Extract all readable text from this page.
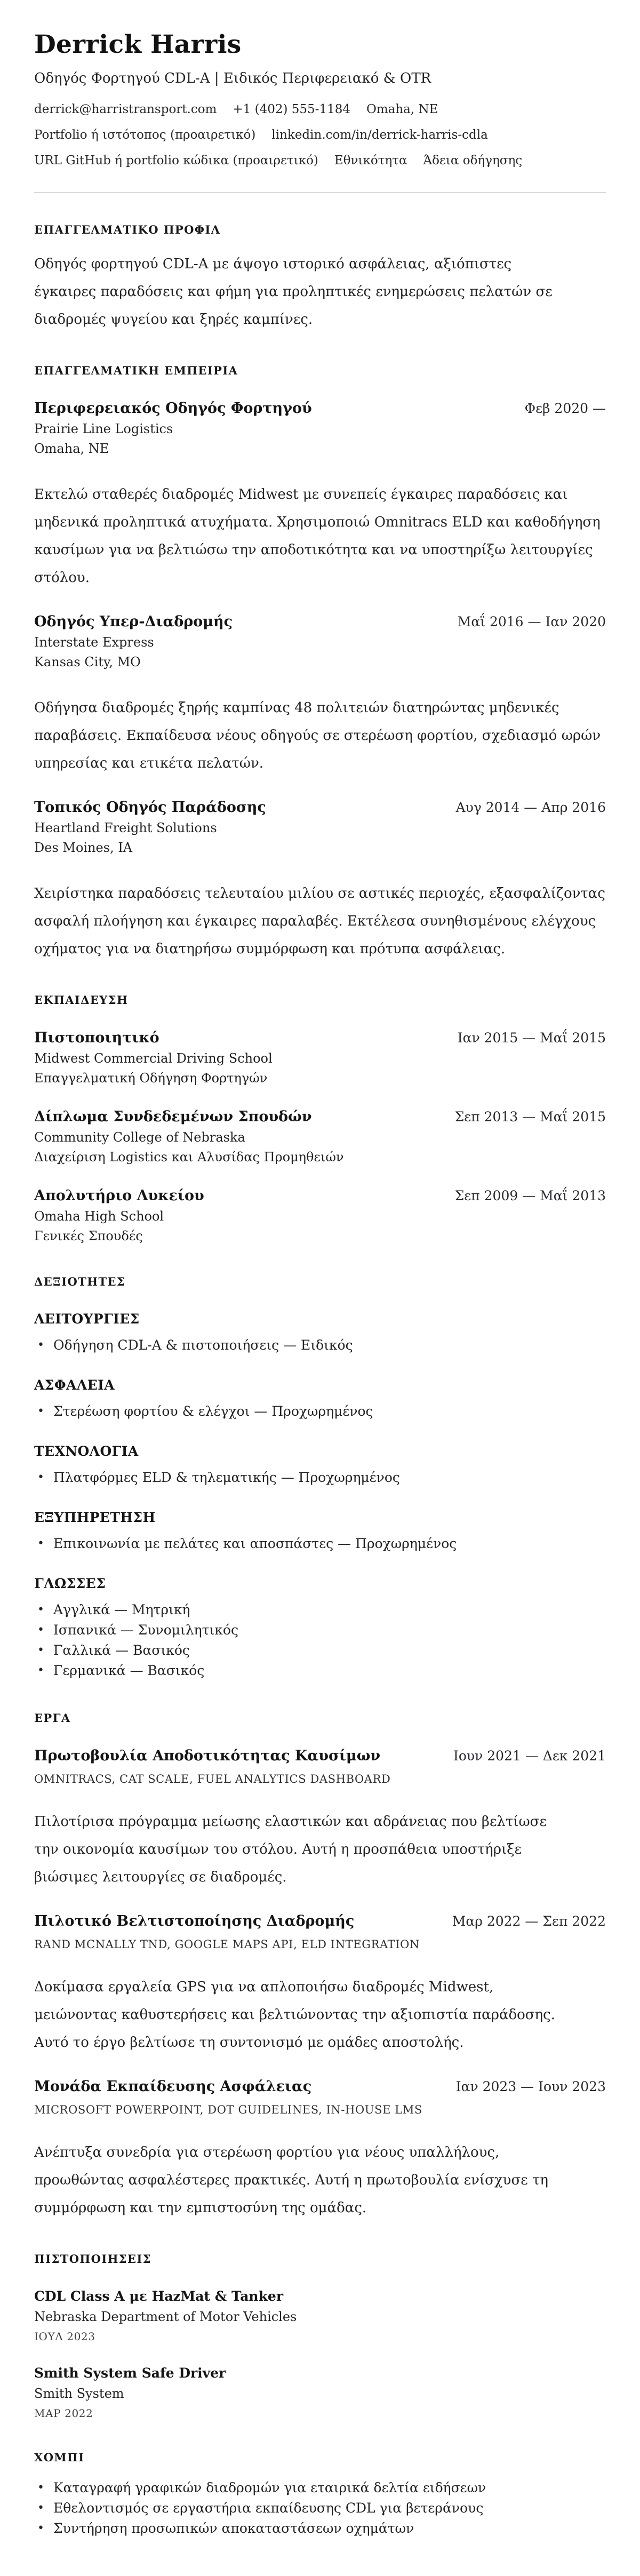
Derrick Harris
Οδηγός Φορτηγού CDL-A | Ειδικός Περιφερειακό & OTR
derrick@harristransport.com +1 (402) 555-1184 Omaha, NE
Portfolio ή ιστότοπος (προαιρετικό) linkedin.com/in/derrick-harris-cdla
URL GitHub ή portfolio κώδικα (προαιρετικό) Εθνικότητα Άδεια οδήγησης
ΕΠΑΓΓΕΛΜΑΤΙΚΟ ΠΡΟΦΙΛ
Οδηγός φορτηγού CDL-A με άψογο ιστορικό ασφάλειας, αξιόπιστες έγκαιρες παραδόσεις και φήμη για προληπτικές ενημερώσεις πελατών σε διαδρομές ψυγείου και ξηρές καμπίνες.
ΕΠΑΓΓΕΛΜΑΤΙΚΗ ΕΜΠΕΙΡΙΑ
Περιφερειακός Οδηγός Φορτηγού	Φεβ 2020 —
Prairie Line Logistics
Omaha, NE
Εκτελώ σταθερές διαδρομές Midwest με συνεπείς έγκαιρες παραδόσεις και μηδενικά προληπτικά ατυχήματα. Χρησιμοποιώ Omnitracs ELD και καθοδήγηση καυσίμων για να βελτιώσω την αποδοτικότητα και να υποστηρίξω λειτουργίες στόλου.
Οδηγός Υπερ-Διαδρομής	Μαΐ 2016 — Ιαν 2020
Interstate Express
Kansas City, MO
Οδήγησα διαδρομές ξηρής καμπίνας 48 πολιτειών διατηρώντας μηδενικές παραβάσεις. Εκπαίδευσα νέους οδηγούς σε στερέωση φορτίου, σχεδιασμό ωρών υπηρεσίας και ετικέτα πελατών.
Τοπικός Οδηγός Παράδοσης	Αυγ 2014 — Απρ 2016
Heartland Freight Solutions
Des Moines, IA
Χειρίστηκα παραδόσεις τελευταίου μιλίου σε αστικές περιοχές, εξασφαλίζοντας ασφαλή πλοήγηση και έγκαιρες παραλαβές. Εκτέλεσα συνηθισμένους ελέγχους οχήματος για να διατηρήσω συμμόρφωση και πρότυπα ασφάλειας.
ΕΚΠΑΙΔΕΥΣΗ
Πιστοποιητικό	Ιαν 2015 — Μαΐ 2015
Midwest Commercial Driving School
Επαγγελματική Οδήγηση Φορτηγών
Δίπλωμα Συνδεδεμένων Σπουδών	Σεπ 2013 — Μαΐ 2015
Community College of Nebraska
Διαχείριση Logistics και Αλυσίδας Προμηθειών
Απολυτήριο Λυκείου	Σεπ 2009 — Μαΐ 2013
Omaha High School
Γενικές Σπουδές
ΔΕΞΙΟΤΗΤΕΣ
ΛΕΙΤΟΥΡΓΙΕΣ
• Οδήγηση CDL-A & πιστοποιήσεις — Ειδικός
ΑΣΦΑΛΕΙΑ
• Στερέωση φορτίου & ελέγχοι — Προχωρημένος
ΤΕΧΝΟΛΟΓΙΑ
• Πλατφόρμες ELD & τηλεματικής — Προχωρημένος
ΕΞΥΠΗΡΕΤΗΣΗ
• Επικοινωνία με πελάτες και αποσπάστες — Προχωρημένος
ΓΛΩΣΣΕΣ
• Αγγλικά — Μητρική
• Ισπανικά — Συνομιλητικός
• Γαλλικά — Βασικός
• Γερμανικά — Βασικός
ΕΡΓΑ
Πρωτοβουλία Αποδοτικότητας Καυσίμων	Ιουν 2021 — Δεκ 2021
OMNITRACS, CAT SCALE, FUEL ANALYTICS DASHBOARD
Πιλοτίρισα πρόγραμμα μείωσης ελαστικών και αδράνειας που βελτίωσε την οικονομία καυσίμων του στόλου. Αυτή η προσπάθεια υποστήριξε βιώσιμες λειτουργίες σε διαδρομές.
Πιλοτικό Βελτιστοποίησης Διαδρομής	Μαρ 2022 — Σεπ 2022
RAND MCNALLY TND, GOOGLE MAPS API, ELD INTEGRATION
Δοκίμασα εργαλεία GPS για να απλοποιήσω διαδρομές Midwest, μειώνοντας καθυστερήσεις και βελτιώνοντας την αξιοπιστία παράδοσης. Αυτό το έργο βελτίωσε τη συντονισμό με ομάδες αποστολής.
Μονάδα Εκπαίδευσης Ασφάλειας	Ιαν 2023 — Ιουν 2023
MICROSOFT POWERPOINT, DOT GUIDELINES, IN-HOUSE LMS
Ανέπτυξα συνεδρία για στερέωση φορτίου για νέους υπαλλήλους, προωθώντας ασφαλέστερες πρακτικές. Αυτή η πρωτοβουλία ενίσχυσε τη συμμόρφωση και την εμπιστοσύνη της ομάδας.
ΠΙΣΤΟΠΟΙΗΣΕΙΣ
CDL Class A με HazMat & Tanker
Nebraska Department of Motor Vehicles
ΙΟΥΛ 2023
Smith System Safe Driver
Smith System
ΜΑΡ 2022
ΧΟΜΠΙ
• Καταγραφή γραφικών διαδρομών για εταιρικά δελτία ειδήσεων
• Εθελοντισμός σε εργαστήρια εκπαίδευσης CDL για βετεράνους
• Συντήρηση προσωπικών αποκαταστάσεων οχημάτων
